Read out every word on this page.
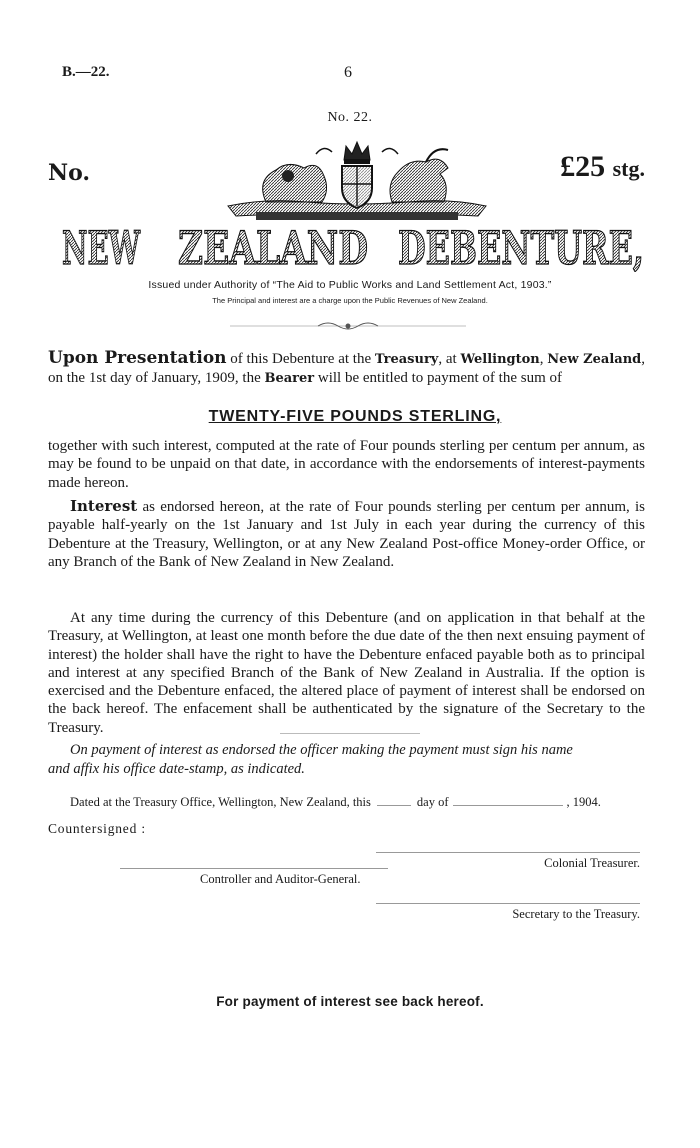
B.—22.	6
No. 22.
No.	£25 stg.
NEW ZEALAND DEBENTURE,
Issued under Authority of “The Aid to Public Works and Land Settlement Act, 1903.”
The Principal and interest are a charge upon the Public Revenues of New Zealand.
Upon Presentation of this Debenture at the Treasury, at Wellington, New Zealand, on the 1st day of January, 1909, the Bearer will be entitled to payment of the sum of
TWENTY-FIVE POUNDS STERLING,
together with such interest, computed at the rate of Four pounds sterling per centum per annum, as may be found to be unpaid on that date, in accordance with the endorsements of interest-payments made hereon.
Interest as endorsed hereon, at the rate of Four pounds sterling per centum per annum, is payable half-yearly on the 1st January and 1st July in each year during the currency of this Debenture at the Treasury, Wellington, or at any New Zealand Post-office Money-order Office, or any Branch of the Bank of New Zealand in New Zealand.
At any time during the currency of this Debenture (and on application in that behalf at the Treasury, at Wellington, at least one month before the due date of the then next ensuing payment of interest) the holder shall have the right to have the Debenture enfaced payable both as to principal and interest at any specified Branch of the Bank of New Zealand in Australia. If the option is exercised and the Debenture enfaced, the altered place of payment of interest shall be endorsed on the back hereof. The enfacement shall be authenticated by the signature of the Secretary to the Treasury.
On payment of interest as endorsed the officer making the payment must sign his name
and affix his office date-stamp, as indicated.
Dated at the Treasury Office, Wellington, New Zealand, this	day of	, 1904.
Countersigned :
Colonial Treasurer.
Controller and Auditor-General.
Secretary to the Treasury.
For payment of interest see back hereof.
